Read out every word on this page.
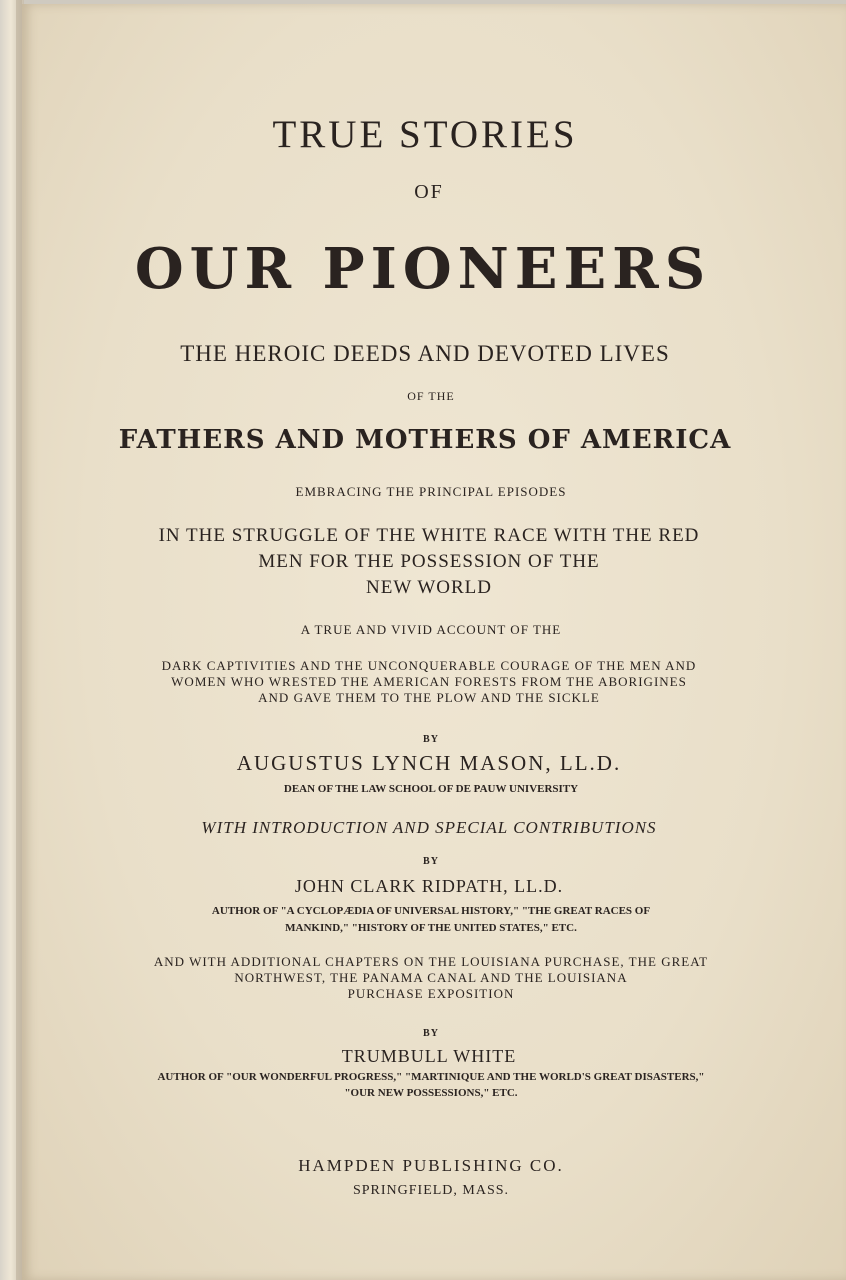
TRUE STORIES

OF

OUR PIONEERS

THE HEROIC DEEDS AND DEVOTED LIVES

OF THE

FATHERS AND MOTHERS OF AMERICA

EMBRACING THE PRINCIPAL EPISODES

IN THE STRUGGLE OF THE WHITE RACE WITH THE RED
MEN FOR THE POSSESSION OF THE
NEW WORLD

A TRUE AND VIVID ACCOUNT OF THE

DARK CAPTIVITIES AND THE UNCONQUERABLE COURAGE OF THE MEN AND
WOMEN WHO WRESTED THE AMERICAN FORESTS FROM THE ABORIGINES
AND GAVE THEM TO THE PLOW AND THE SICKLE

BY

AUGUSTUS LYNCH MASON, LL.D.

DEAN OF THE LAW SCHOOL OF DE PAUW UNIVERSITY

WITH INTRODUCTION AND SPECIAL CONTRIBUTIONS

BY

JOHN CLARK RIDPATH, LL.D.

AUTHOR OF "A CYCLOPÆDIA OF UNIVERSAL HISTORY," "THE GREAT RACES OF
MANKIND," "HISTORY OF THE UNITED STATES," ETC.
AND WITH ADDITIONAL CHAPTERS ON THE LOUISIANA PURCHASE, THE GREAT
NORTHWEST, THE PANAMA CANAL AND THE LOUISIANA
PURCHASE EXPOSITION

BY

TRUMBULL WHITE

AUTHOR OF "OUR WONDERFUL PROGRESS," "MARTINIQUE AND THE WORLD'S GREAT DISASTERS,"
"OUR NEW POSSESSIONS," ETC.

HAMPDEN PUBLISHING CO.

SPRINGFIELD, MASS.
